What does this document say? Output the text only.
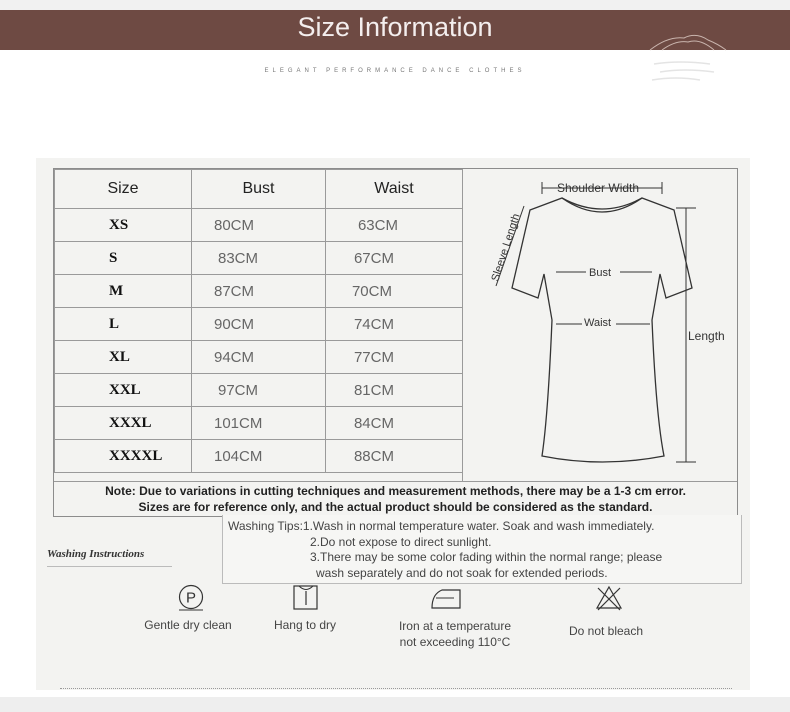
Size Information
ELEGANT PERFORMANCE DANCE CLOTHES
Size	Bust	Waist
XS	80CM	63CM
S	83CM	67CM
M	87CM	70CM
L	90CM	74CM
XL	94CM	77CM
XXL	97CM	81CM
XXXL	101CM	84CM
XXXXL	104CM	88CM
Note: Due to variations in cutting techniques and measurement methods, there may be a 1-3 cm error.
Sizes are for reference only, and the actual product should be considered as the standard.
Shoulder Width
Sleeve Length	Bust
Waist
Length
Washing Tips:1.Wash in normal temperature water. Soak and wash immediately.
2.Do not expose to direct sunlight.
3.There may be some color fading within the normal range; please
wash separately and do not soak for extended periods.
Washing Instructions
P
Gentle dry clean	Hang to dry	Iron at a temperature
not exceeding 110°C
Do not bleach
